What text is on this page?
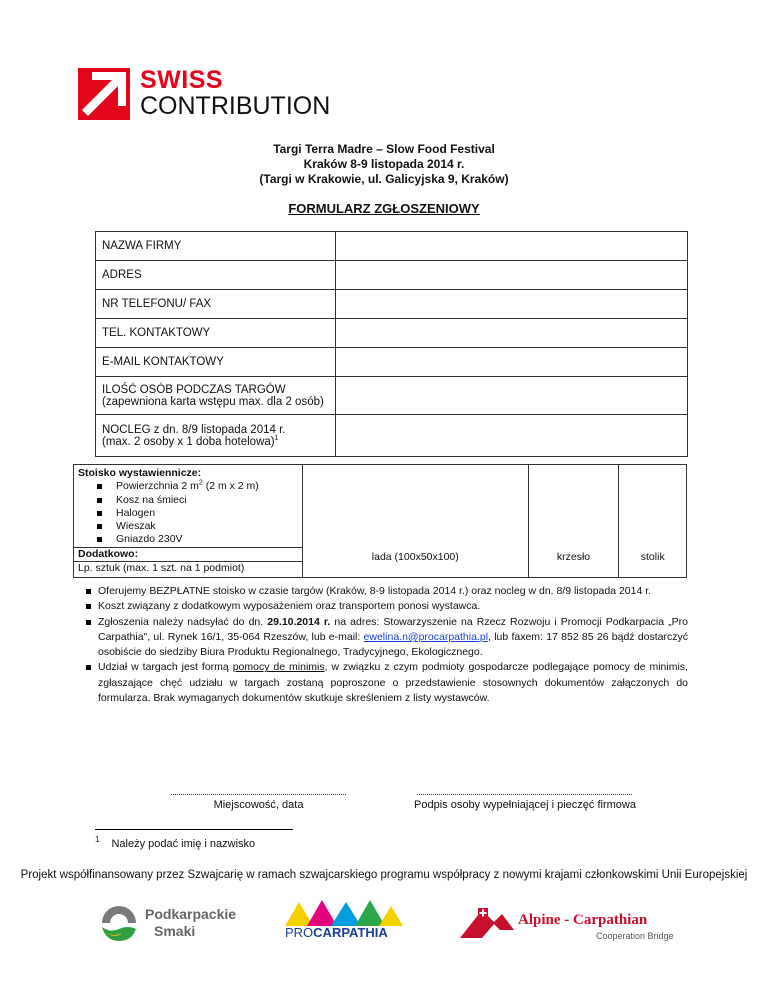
SWISS
CONTRIBUTION
Targi Terra Madre – Slow Food Festival
Kraków 8-9 listopada 2014 r.
(Targi w Krakowie, ul. Galicyjska 9, Kraków)
FORMULARZ ZGŁOSZENIOWY
NAZWA FIRMY	
ADRES	
NR TELEFONU/ FAX	
TEL. KONTAKTOWY	
E-MAIL KONTAKTOWY	

ILOŚĆ OSÓB PODCZAS TARGÓW
(zapewniona karta wstępu max. dla 2 osób)	

NOCLEG z dn. 8/9 listopada 2014 r.
(max. 2 osoby x 1 doba hotelowa)$^1$

Stoisko wystawiennicze:
Powierzchnia 2 $m^2$ (2 m x 2 m)
Kosz na śmieci
Halogen
Wieszak
Gniazdo 230V
Dodatkowo:
Lp. sztuk (max. 1 szt. na 1 podmiot)
	lada (100x50x100)	krzesło	stolik
Oferujemy BEZPŁATNE stoisko w czasie targów (Kraków, 8-9 listopada 2014 r.) oraz nocleg w dn. 8/9 listopada 2014 r.
Koszt związany z dodatkowym wyposażeniem oraz transportem ponosi wystawca.
Zgłoszenia należy nadsyłać do dn. 29.10.2014 r. na adres: Stowarzyszenie na Rzecz Rozwoju i Promocji Podkarpacia „Pro Carpathia", ul. Rynek 16/1, 35-064 Rzeszów, lub e-mail: ewelina.n@procarpathia.pl, lub faxem: 17 852 85 26 bądź dostarczyć osobiście do siedziby Biura Produktu Regionalnego, Tradycyjnego, Ekologicznego.
Udział w targach jest formą pomocy de minimis, w związku z czym podmioty gospodarcze podlegające pomocy de minimis, zgłaszające chęć udziału w targach zostaną poproszone o przedstawienie stosownych dokumentów załączonych do formularza. Brak wymaganych dokumentów skutkuje skreśleniem z listy wystawców.
Miejscowość, data	Podpis osoby wypełniającej i pieczęć firmowa
$^1$ Należy podać imię i nazwisko
Projekt współfinansowany przez Szwajcarię w ramach szwajcarskiego programu współpracy z nowymi krajami członkowskimi Unii Europejskiej
Podkarpackie
Smaki	PROCARPATHIA
Alpine - Carpathian
Cooperation Bridge
